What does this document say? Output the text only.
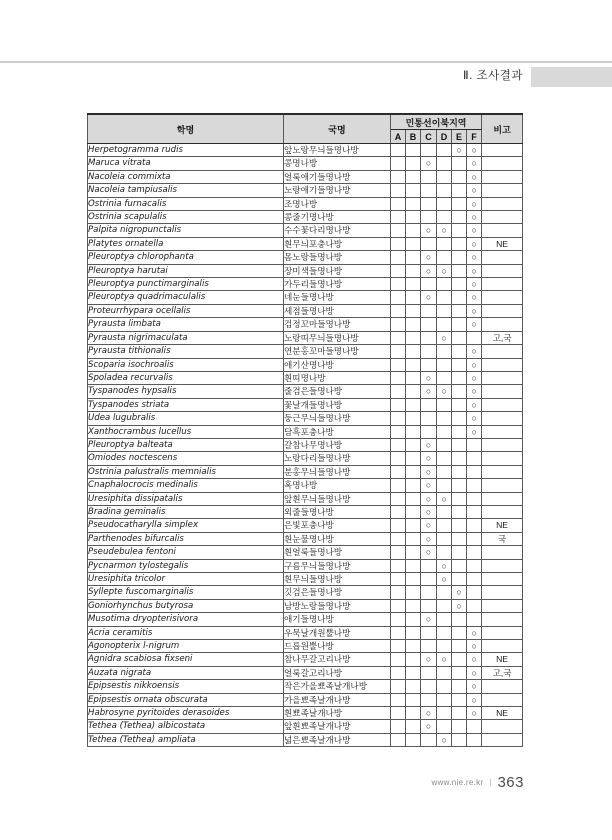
Ⅱ. 조사결과
학명	국명	민통선이북지역						비고
		A	B	C	D	E	F	
Herpetogramma rudis	앞노랑무늬들명나방					○	○	
Maruca vitrata	콩명나방			○			○	
Nacoleia commixta	얼룩애기들명나방						○	
Nacoleia tampiusalis	노랑애기들명나방						○	
Ostrinia furnacalis	조명나방						○	
Ostrinia scapulalis	콩줄기명나방						○	
Palpita nigropunctalis	수수꽃다리명나방			○	○		○	
Platytes ornatella	흰무늬포충나방						○	NE
Pleuroptya chlorophanta	몸노랑들명나방			○			○	
Pleuroptya harutai	장미색들명나방			○	○		○	
Pleuroptya punctimarginalis	가두리들명나방						○	
Pleuroptya quadrimaculalis	네눈들명나방			○			○	
Proteurrhypara ocellalis	세점들명나방						○	
Pyrausta limbata	검정꼬마들명나방						○	
Pyrausta nigrimaculata	노랑띠무늬들명나방				○			고,국
Pyrausta tithionalis	연분홍꼬마들명나방						○	
Scoparia isochroalis	애기산명나방						○	
Spoladea recurvalis	흰띠명나방			○			○	
Tyspanodes hypsalis	줄검은들명나방			○	○		○	
Tyspanodes striata	꽃날개들명나방						○	
Udea lugubralis	둥근무늬들명나방						○	
Xanthocrambus lucellus	담흑포충나방						○	
Pleuroptya balteata	갈참나무명나방			○				
Omiodes noctescens	노랑다리들명나방			○				
Ostrinia palustralis memnialis	분홍무늬들명나방			○				
Cnaphalocrocis medinalis	혹명나방			○				
Uresiphita dissipatalis	앞흰무늬들명나방			○	○			
Bradina geminalis	외줄들명나방			○				
Pseudocatharylla simplex	은빛포충나방			○				NE
Parthenodes bifurcalis	흰눈물명나방			○				국
Pseudebulea fentoni	흰얼룩들명나방			○				
Pycnarmon tylostegalis	구름무늬들명나방				○			
Uresiphita tricolor	흰무늬들명나방				○			
Syllepte fuscomarginalis	깃검은들명나방					○		
Goniorhynchus butyrosa	남방노랑들명나방					○		
Musotima dryopterisivora	애기들명나방			○				
Acria ceramitis	우묵날개원뿔나방						○	
Agonopterix l-nigrum	드릅원뿔나방						○	
Agnidra scabiosa fixseni	참나무갈고리나방			○	○		○	NE
Auzata nigrata	얼룩갈고리나방						○	고,국
Epipsestis nikkoensis	작은가을뾰족날개나방						○	
Epipsestis ornata obscurata	가을뾰족날개나방						○	
Habrosyne pyritoides derasoides	흰뾰족날개나방			○			○	NE
Tethea (Tethea) albicostata	앞흰뾰족날개나방			○				
Tethea (Tethea) ampliata	넓은뾰족날개나방				○			
www.nie.re.kr | 363
